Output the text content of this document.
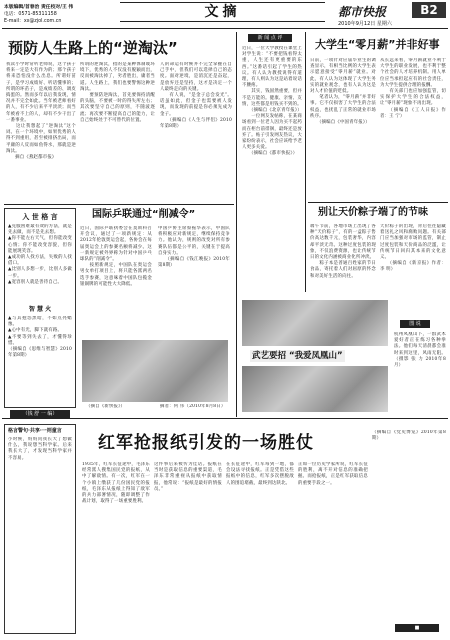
本版编辑/首春治 责任校对/王 伟
电话：0571-85311158
E-mail：xx@zjol.com.cn
文摘	都市快报	B2
2010年9月12日 星期六
预防人生路上的“逆淘汰”
我读小学时常听老师说，这个孩子将来一定是大有作为的；那个孩子将来恐怕没什么出息。所谓好苗子，是学习成绩好、听话懂事的；所谓的坏苗子，是成绩差的、调皮捣蛋的。然而多年以后我发现，情况并不完全如此。当年被老师看好的人，有不少后来平平淡淡；而当年被看不上的人，却有不少干出了一番事业。
　　这让我想起了“逆淘汰”这个词。在一个环境中，如果优秀的人得不到重用，甚至被排挤出局，而平庸的人反而如鱼得水，那就是逆淘汰。
　　摘自《燕赵都市报》
所谓的逆淘汰，指的是某种体制或环境下，优秀的人不仅没有脱颖而出，反而被淘汰掉了，劣者胜出，庸者当道。人生路上，我们也要警惕这种逆淘汰。
　　要预防逆淘汰，首先要保持清醒的头脑，不要被一时的得失所左右；其次要坚守自己的原则，不随波逐流；再次要不断提高自己的能力，让自己始终处于不可替代的位置。
人的命运有时候并不完全掌握在自己手中，但我们可以选择自己的态度。面对逆境，是消沉还是奋起，是放弃还是坚持，这才是决定一个人最终走向的关键。
　　有人说，“是金子总会发光”。话虽如此，但金子也需要被人发现，而发现的前提是你必须先成为金子。
　　（摘编自《人生与伴侣》2010年第8期）
入 世 格 言
▲克服困难最有效的方法，就是先去做，而不是先去想。
▲你不能左右天气，但你能改变心情；你不能改变容貌，但你能展现笑容。
▲成功的人找方法，失败的人找借口。
▲比别人多想一步，比别人多做一步。
▲宽容别人就是善待自己。
智 慧 火
▲与其抱怨黑暗，不如点亮蜡烛。
▲心中有光，脚下就有路。
▲不要等到失去了，才懂得珍惜。
（摘编自《思维与智慧》2010年第8期）
（钱 舒 一 编）
国际乒联通过“削减令”
近日，国际乒联执委会在莫斯科召开会议，通过了一项新规定：从2012年伦敦奥运会起，各协会在每届奥运会上的参赛名额将减少。这一新规定被外界称为针对中国乒乓球队的“削减令”。
　　按照新规定，中国队在奥运会男女单打项目上，将只能各派两名选手参赛，这意味着中国队包揽金银铜牌的可能性大大降低。
中国乒协主席蔡振华表示，中国队将积极应对新规定，继续保持竞争力。他认为，规则的改变对所有参赛队伍都是公平的，关键在于提高自身实力。
　　（摘编自《钱江晚报》2010年第8期）
（摘自《新快报》）	摘者：何 伟（2010年8月8日）
新 闻 点 评
近日，一位大学教授在课堂上对学生说：“不要把钱看得太重，人生还有更重要的东西。”这番话引起了学生的热议。有人认为教授说得有道理，有人则认为这是站着说话不腰疼。
　　其实，钱固然重要，但并不是万能的。健康、亲情、友情，这些都是用钱买不到的。
　　（摘编自《北京青年报》）
　　一位网友发帖称，在某商场看到一位老人因为买不起药而在柜台前徘徊，最终还是放弃了。帖子引发网友热议，大家纷纷表示，社会应该给予老人更多关爱。
　　（摘编自《都市快报》）
大学生“零月薪”并非好事
日前，一项针对应届毕业生的调查显示，有相当比例的大学生表示愿意接受“零月薪”就业。对此，有人认为这体现了大学生务实的就业观念，也有人认为这是对人才价值的贬低。
　　笔者认为，“零月薪”并非好事。它不仅损害了大学生的合法权益，也扰乱了正常的就业市场秩序。
　　（摘编自《中国青年报》）
从长远来看，零月薪就业不利于大学生的职业发展，也不利于整个社会的人才培养机制。用人单位应当承担起应有的社会责任，为大学生提供合理的报酬。
　　有关部门也应加强监管，切实保护大学生的合法权益，让“零月薪”现象不再出现。
　　（摘编自《工人日报》作者：王 宁）
别让天价粽子端了的节味
端午节前，各地市场上出现了各种“天价粽子”，有的一盒粽子售价高达数千元，包装奢华，内容却平淡无奇。这种过度包装的现象，不仅浪费资源，也让传统节日的文化内涵被商业化所冲淡。
　　粽子本是普通百姓家的节日食品，寄托着人们对屈原的怀念和对美好生活的向往。
天价粽子的出现，背后往往隐藏着送礼之风和腐败问题。有关部门应当加强对市场的监管，制止过度包装和天价商品的泛滥，让传统节日回归其本来的文化意义。
　　（摘编自《新京报》作者：李 明）
图 说
武艺要招 “我爱凤凰山”
杭州凤凰山下，一群武术爱好者正在练习各种拳法。他们每天清晨都会准时来到这里，风雨无阻。（摄影 张 力 2010年8月）
格言警句·共享·一则童言
小时候，妈妈问我长大了想做什么，我说想当科学家。后来我长大了，才发现当科学家并不容易。
红军抢报纸引发的一场胜仗
1935年，红军长征途中，毛泽东经常派人搜集国民党的报纸，从中了解敌情。有一次，红军在一个小镇上缴获了几份国民党的报纸，毛泽东从报纸上得知了敌军的兵力部署情况，随即调整了作战计划，取得了一场重要胜利。
这件事后来被传为佳话。报纸在当时是获取信息的重要渠道，毛泽东非常重视从报纸中获取情报，他常说：“报纸是最好的情报员。”
在长征途中，红军每到一地，都会设法寻找报纸。正是凭借这些报纸中的信息，红军多次摆脱敌人的围追堵截，最终到达陕北。
正如一位历史学家所说，红军长征的胜利，离不开对信息的准确把握。而抢报纸，正是红军获取信息的重要手段之一。
（摘编自《党史博览》2010年第8期）
■
